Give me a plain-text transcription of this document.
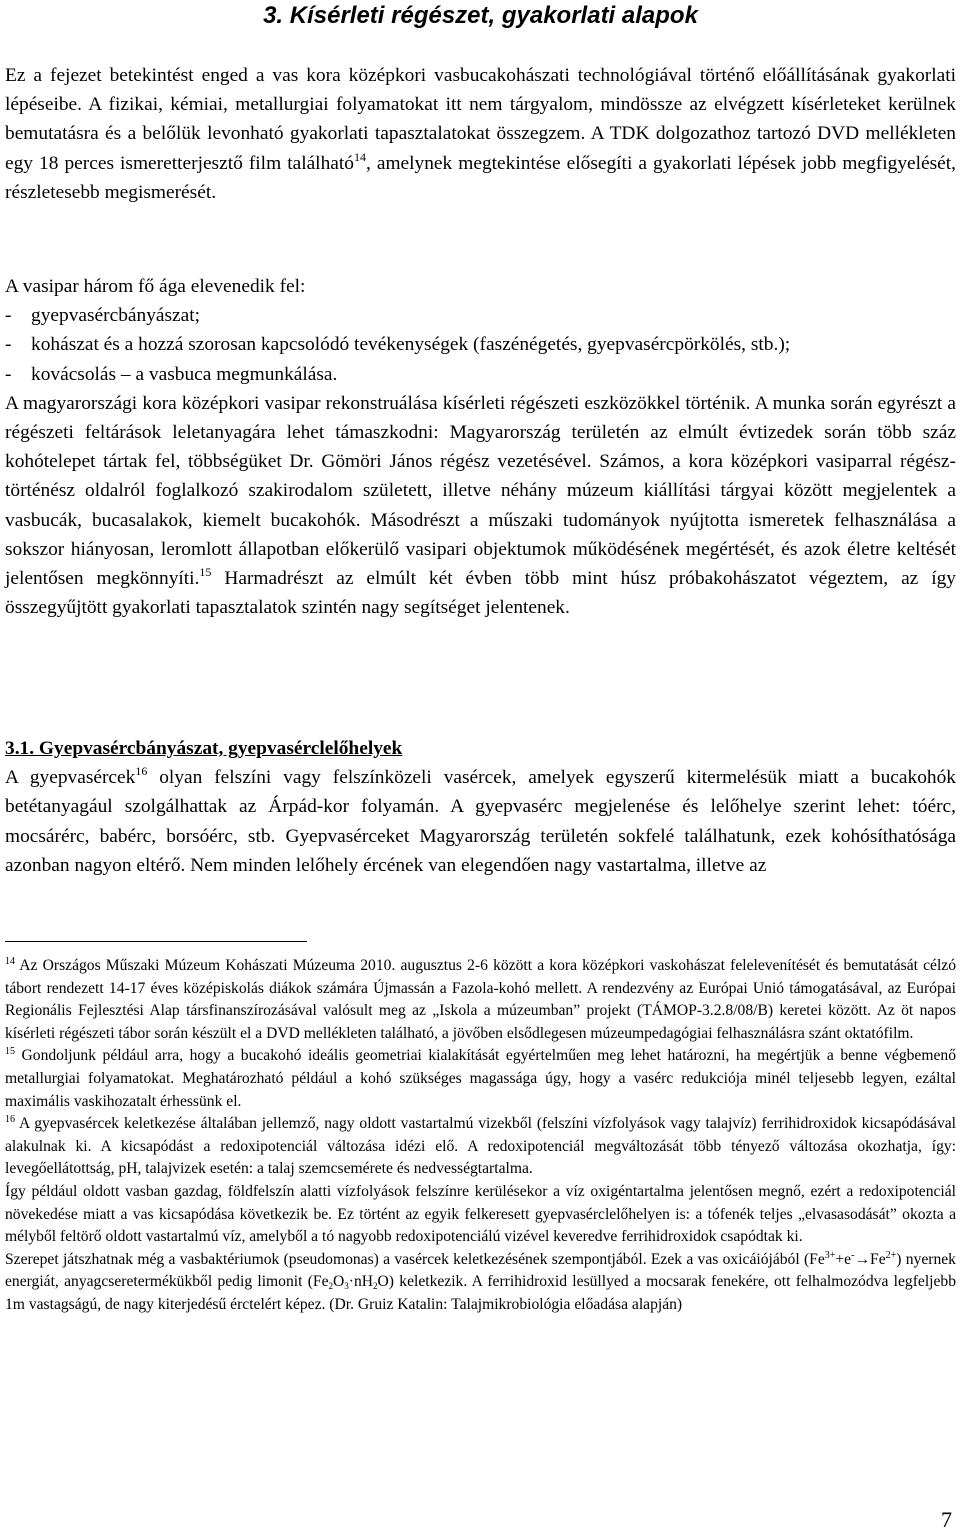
3. Kísérleti régészet, gyakorlati alapok

Ez a fejezet betekintést enged a vas kora középkori vasbucakohászati technológiával történő előállításának gyakorlati lépéseibe. A fizikai, kémiai, metallurgiai folyamatokat itt nem tárgyalom, mindössze az elvégzett kísérleteket kerülnek bemutatásra és a belőlük levonható gyakorlati tapasztalatokat összegzem. A TDK dolgozathoz tartozó DVD mellékleten egy 18 perces ismeretterjesztő film található$^{14}$, amelynek megtekintése elősegíti a gyakorlati lépések jobb megfigyelését, részletesebb megismerését.

A vasipar három fő ága elevenedik fel:

- gyepvasércbányászat;
- kohászat és a hozzá szorosan kapcsolódó tevékenységek (faszénégetés, gyepvasércpörkölés, stb.);
- kovácsolás – a vasbuca megmunkálása.

A magyarországi kora középkori vasipar rekonstruálása kísérleti régészeti eszközökkel történik. A munka során egyrészt a régészeti feltárások leletanyagára lehet támaszkodni: Magyarország területén az elmúlt évtizedek során több száz kohótelepet tártak fel, többségüket Dr. Gömöri János régész vezetésével. Számos, a kora középkori vasiparral régész-történész oldalról foglalkozó szakirodalom született, illetve néhány múzeum kiállítási tárgyai között megjelentek a vasbucák, bucasalakok, kiemelt bucakohók. Másodrészt a műszaki tudományok nyújtotta ismeretek felhasználása a sokszor hiányosan, leromlott állapotban előkerülő vasipari objektumok működésének megértését, és azok életre keltését jelentősen megkönnyíti.$^{15}$ Harmadrészt az elmúlt két évben több mint húsz próbakohászatot végeztem, az így összegyűjtött gyakorlati tapasztalatok szintén nagy segítséget jelentenek.

3.1. Gyepvasércbányászat, gyepvasérclelőhelyek

A gyepvasércek$^{16}$ olyan felszíni vagy felszínközeli vasércek, amelyek egyszerű kitermelésük miatt a bucakohók betétanyagául szolgálhattak az Árpád-kor folyamán. A gyepvasérc megjelenése és lelőhelye szerint lehet: tóérc, mocsárérc, babérc, borsóérc, stb. Gyepvasérceket Magyarország területén sokfelé találhatunk, ezek kohósíthatósága azonban nagyon eltérő. Nem minden lelőhely ércének van elegendően nagy vastartalma, illetve az

$^{14}$ Az Országos Műszaki Múzeum Kohászati Múzeuma 2010. augusztus 2-6 között a kora középkori vaskohászat felelevenítését és bemutatását célzó tábort rendezett 14-17 éves középiskolás diákok számára Újmassán a Fazola-kohó mellett. A rendezvény az Európai Unió támogatásával, az Európai Regionális Fejlesztési Alap társfinanszírozásával valósult meg az „Iskola a múzeumban” projekt (TÁMOP-3.2.8/08/B) keretei között. Az öt napos kísérleti régészeti tábor során készült el a DVD mellékleten található, a jövőben elsődlegesen múzeumpedagógiai felhasználásra szánt oktatófilm.

$^{15}$ Gondoljunk például arra, hogy a bucakohó ideális geometriai kialakítását egyértelműen meg lehet határozni, ha megértjük a benne végbemenő metallurgiai folyamatokat. Meghatározható például a kohó szükséges magassága úgy, hogy a vasérc redukciója minél teljesebb legyen, ezáltal maximális vaskihozatalt érhessünk el.

$^{16}$ A gyepvasércek keletkezése általában jellemző, nagy oldott vastartalmú vizekből (felszíni vízfolyások vagy talajvíz) ferrihidroxidok kicsapódásával alakulnak ki. A kicsapódást a redoxipotenciál változása idézi elő. A redoxipotenciál megváltozását több tényező változása okozhatja, így: levegőellátottság, pH, talajvizek esetén: a talaj szemcsemérete és nedvességtartalma.

Így például oldott vasban gazdag, földfelszín alatti vízfolyások felszínre kerülésekor a víz oxigéntartalma jelentősen megnő, ezért a redoxipotenciál növekedése miatt a vas kicsapódása következik be. Ez történt az egyik felkeresett gyepvasérclelőhelyen is: a tófenék teljes „elvasasodását” okozta a mélyből feltörő oldott vastartalmú víz, amelyből a tó nagyobb redoxipotenciálú vizével keveredve ferrihidroxidok csapódtak ki.

Szerepet játszhatnak még a vasbaktériumok (pseudomonas) a vasércek keletkezésének szempontjából. Ezek a vas oxicáiójából $(Fe^{3+}+e^-\to Fe^{2+})$ nyernek energiát, anyagcseretermékükből pedig limonit $(Fe_2O_3\cdot nH_2O)$ keletkezik. A ferrihidroxid lesüllyed a mocsarak fenekére, ott felhalmozódva legfeljebb 1m vastagságú, de nagy kiterjedésű érctelért képez. (Dr. Gruiz Katalin: Talajmikrobiológia előadása alapján)

7
